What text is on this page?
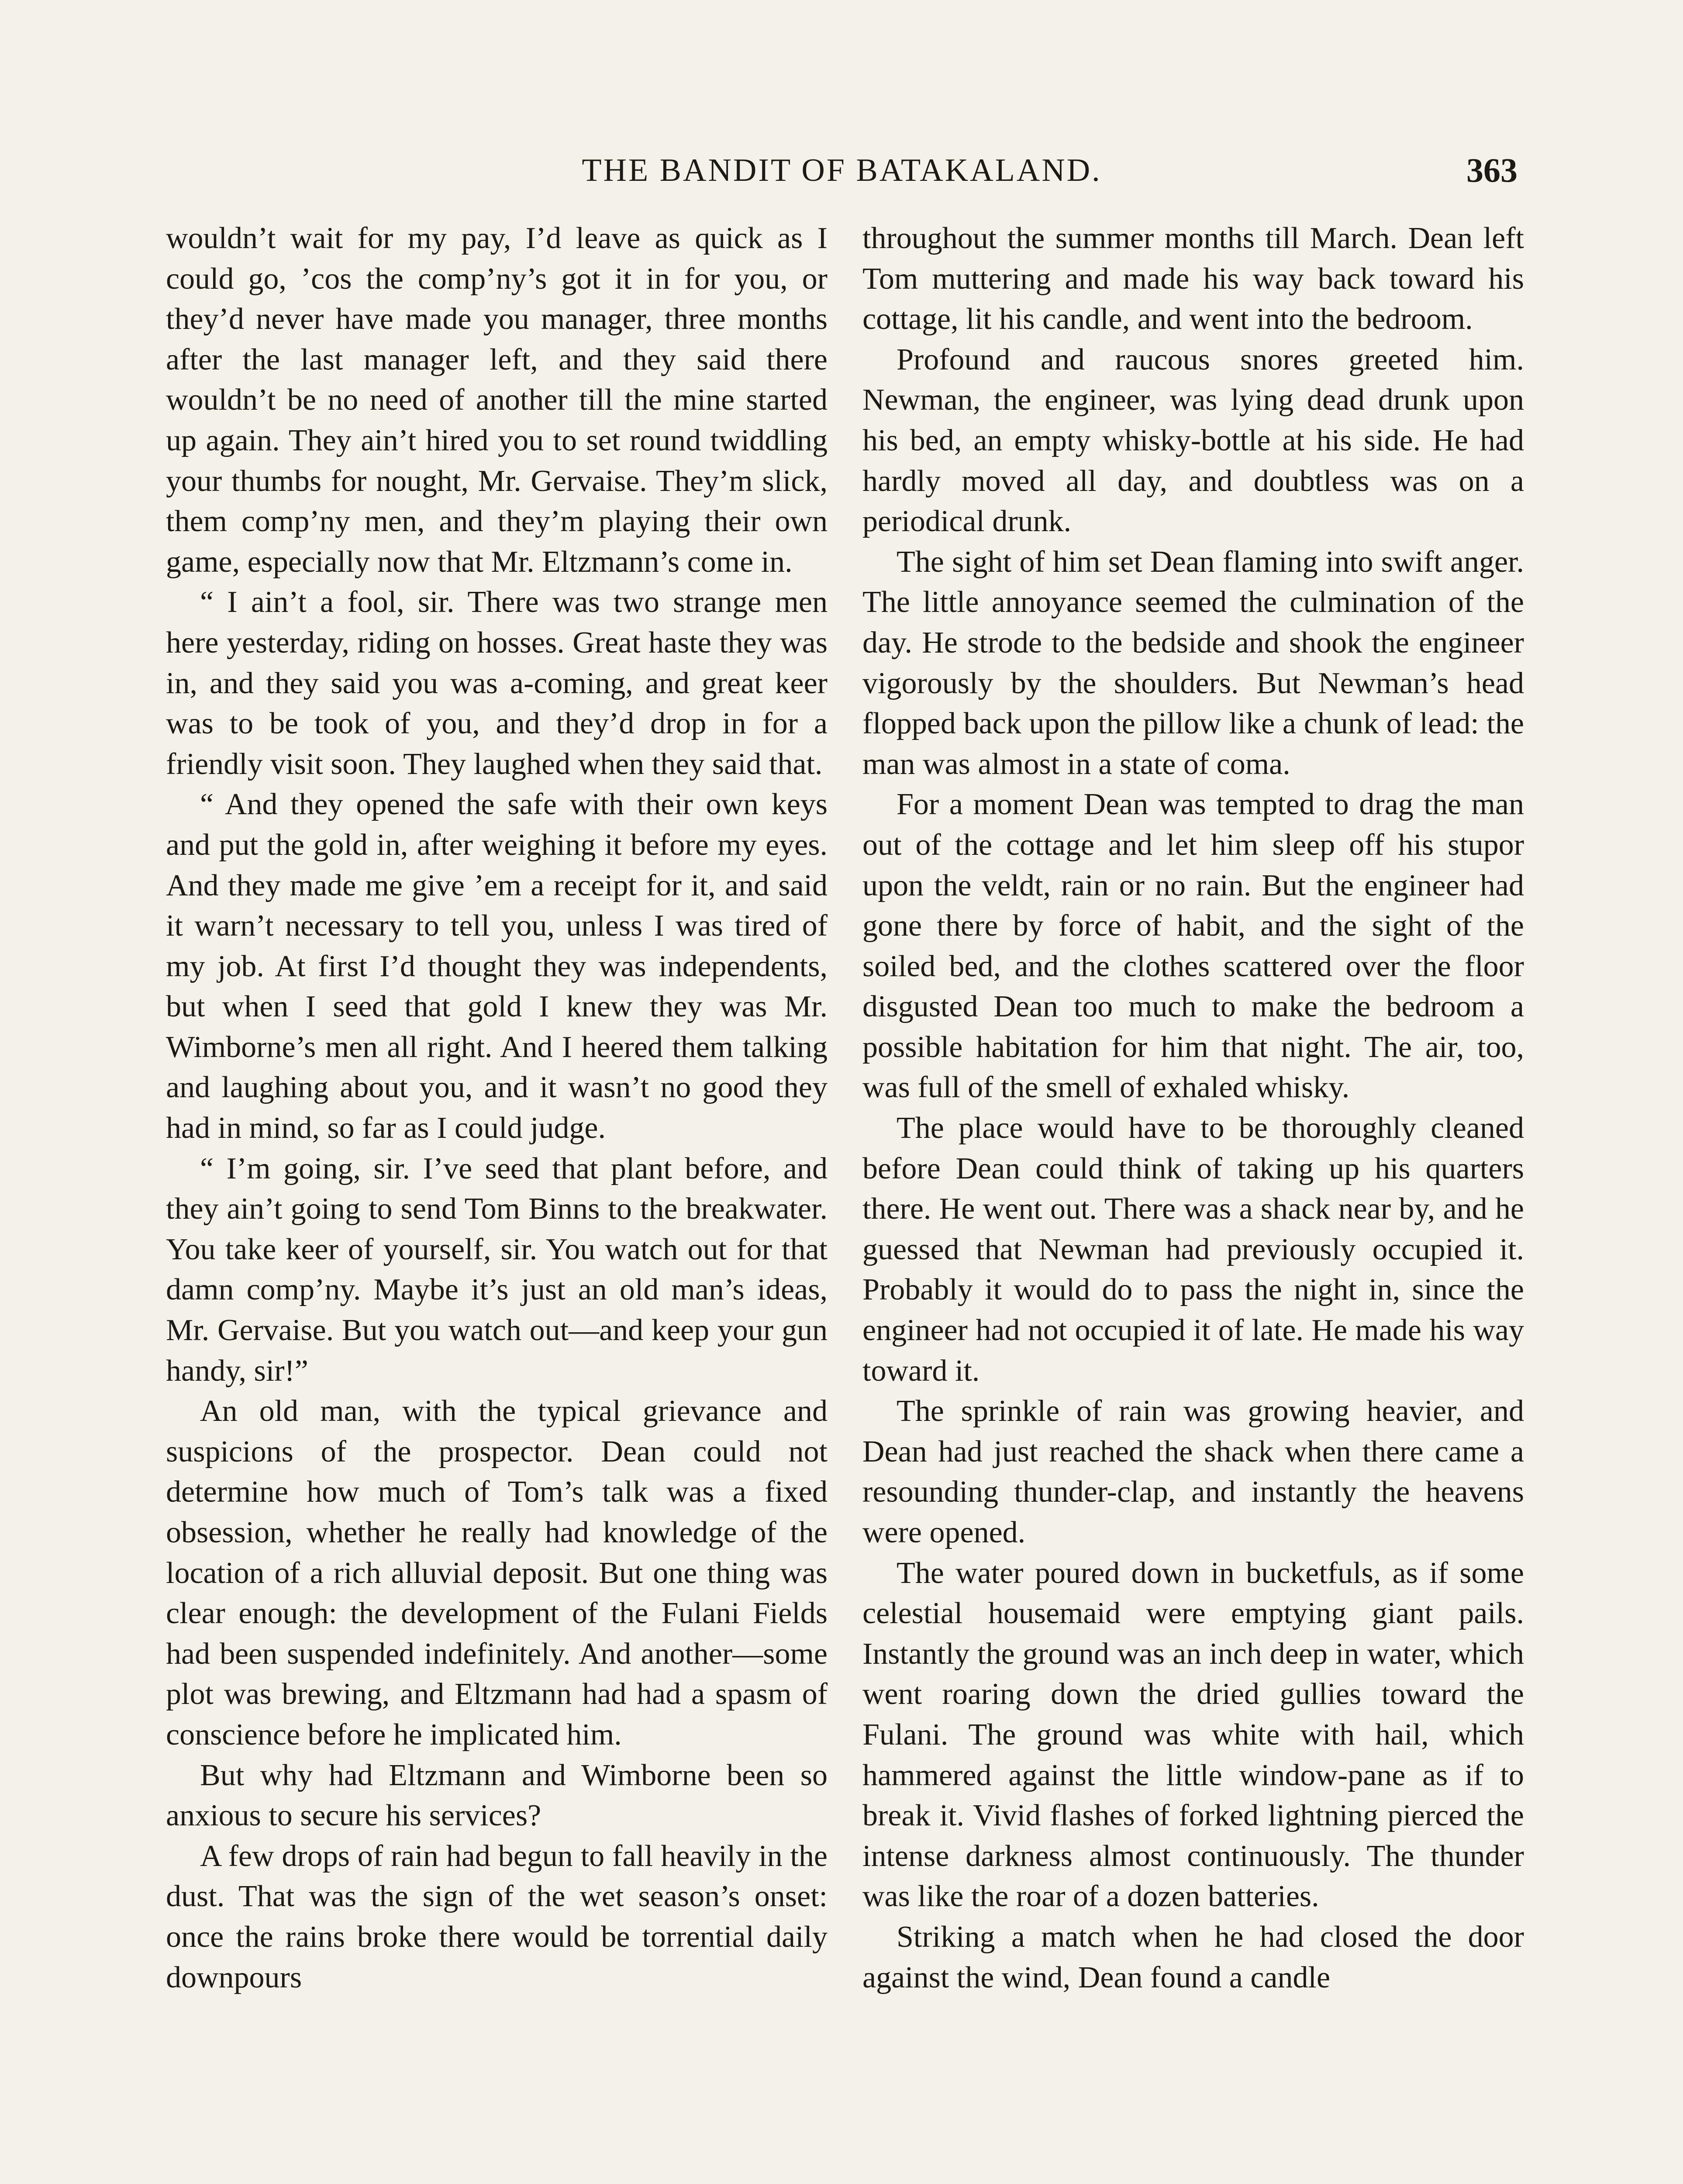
THE BANDIT OF BATAKALAND.	363

wouldn’t wait for my pay, I’d leave as quick as I could go, ’cos the comp’ny’s got it in for you, or they’d never have made you manager, three months after the last manager left, and they said there wouldn’t be no need of another till the mine started up again. They ain’t hired you to set round twiddling your thumbs for nought, Mr. Gervaise. They’m slick, them comp’ny men, and they’m playing their own game, especially now that Mr. Eltzmann’s come in.

“ I ain’t a fool, sir. There was two strange men here yesterday, riding on hosses. Great haste they was in, and they said you was a-coming, and great keer was to be took of you, and they’d drop in for a friendly visit soon. They laughed when they said that.

“ And they opened the safe with their own keys and put the gold in, after weighing it before my eyes. And they made me give ’em a receipt for it, and said it warn’t necessary to tell you, unless I was tired of my job. At first I’d thought they was independents, but when I seed that gold I knew they was Mr. Wimborne’s men all right. And I heered them talking and laughing about you, and it wasn’t no good they had in mind, so far as I could judge.

“ I’m going, sir. I’ve seed that plant before, and they ain’t going to send Tom Binns to the breakwater. You take keer of yourself, sir. You watch out for that damn comp’ny. Maybe it’s just an old man’s ideas, Mr. Gervaise. But you watch out—and keep your gun handy, sir!”

An old man, with the typical grievance and suspicions of the prospector. Dean could not determine how much of Tom’s talk was a fixed obsession, whether he really had knowledge of the location of a rich alluvial deposit. But one thing was clear enough: the development of the Fulani Fields had been suspended indefinitely. And another—some plot was brewing, and Eltzmann had had a spasm of conscience before he implicated him.

But why had Eltzmann and Wimborne been so anxious to secure his services?

A few drops of rain had begun to fall heavily in the dust. That was the sign of the wet season’s onset: once the rains broke there would be torrential daily downpours

throughout the summer months till March. Dean left Tom muttering and made his way back toward his cottage, lit his candle, and went into the bedroom.

Profound and raucous snores greeted him. Newman, the engineer, was lying dead drunk upon his bed, an empty whisky-bottle at his side. He had hardly moved all day, and doubtless was on a periodical drunk.

The sight of him set Dean flaming into swift anger. The little annoyance seemed the culmination of the day. He strode to the bedside and shook the engineer vigorously by the shoulders. But Newman’s head flopped back upon the pillow like a chunk of lead: the man was almost in a state of coma.

For a moment Dean was tempted to drag the man out of the cottage and let him sleep off his stupor upon the veldt, rain or no rain. But the engineer had gone there by force of habit, and the sight of the soiled bed, and the clothes scattered over the floor disgusted Dean too much to make the bedroom a possible habitation for him that night. The air, too, was full of the smell of exhaled whisky.

The place would have to be thoroughly cleaned before Dean could think of taking up his quarters there. He went out. There was a shack near by, and he guessed that Newman had previously occupied it. Probably it would do to pass the night in, since the engineer had not occupied it of late. He made his way toward it.

The sprinkle of rain was growing heavier, and Dean had just reached the shack when there came a resounding thunder-clap, and instantly the heavens were opened.

The water poured down in bucketfuls, as if some celestial housemaid were emptying giant pails. Instantly the ground was an inch deep in water, which went roaring down the dried gullies toward the Fulani. The ground was white with hail, which hammered against the little window-pane as if to break it. Vivid flashes of forked lightning pierced the intense darkness almost continuously. The thunder was like the roar of a dozen batteries.

Striking a match when he had closed the door against the wind, Dean found a candle
